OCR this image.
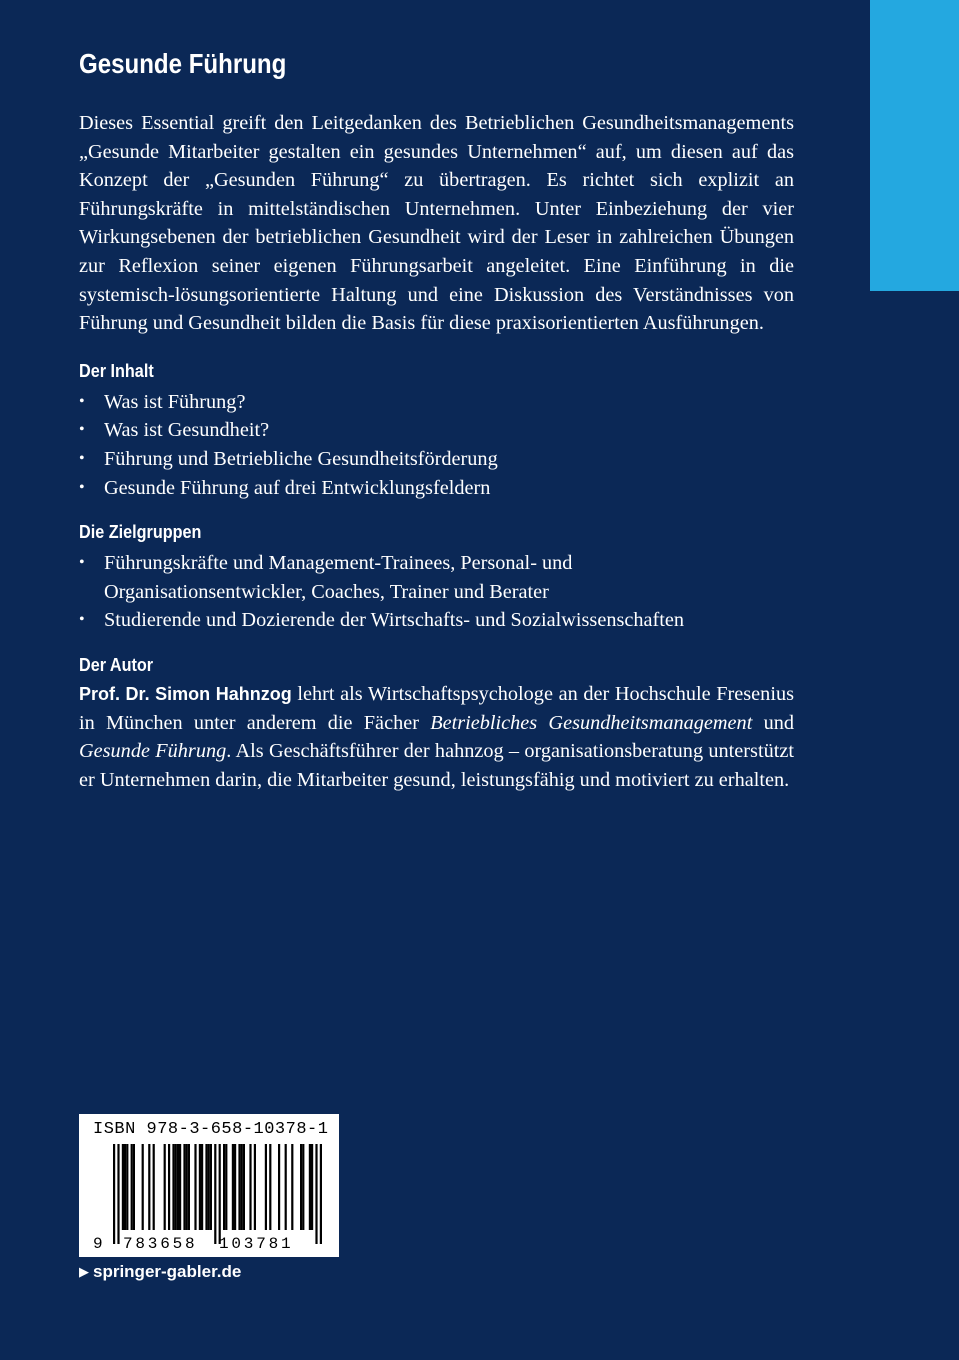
Gesunde Führung

Dieses Essential greift den Leitgedanken des Betrieblichen Gesundheitsmanagements „Gesunde Mitarbeiter gestalten ein gesundes Unternehmen“ auf, um diesen auf das Konzept der „Gesunden Führung“ zu übertragen. Es richtet sich explizit an Führungskräfte in mittelständischen Unternehmen. Unter Einbeziehung der vier Wirkungsebenen der betrieblichen Gesundheit wird der Leser in zahlreichen Übungen zur Reflexion seiner eigenen Führungsarbeit angeleitet. Eine Einführung in die systemisch-lösungsorientierte Haltung und eine Diskussion des Verständnisses von Führung und Gesundheit bilden die Basis für diese praxisorientierten Ausführungen.

Der Inhalt
• Was ist Führung?
• Was ist Gesundheit?
• Führung und Betriebliche Gesundheitsförderung
• Gesunde Führung auf drei Entwicklungsfeldern
Die Zielgruppen
• Führungskräfte und Management-Trainees, Personal- und Organisationsentwickler, Coaches, Trainer und Berater
• Studierende und Dozierende der Wirtschafts- und Sozialwissenschaften
Der Autor

Prof. Dr. Simon Hahnzog lehrt als Wirtschaftspsychologe an der Hochschule Fresenius in München unter anderem die Fächer Betriebliches Gesundheitsmanagement und Gesunde Führung. Als Geschäftsführer der hahnzog – organisationsberatung unterstützt er Unternehmen darin, die Mitarbeiter gesund, leistungsfähig und motiviert zu erhalten.

ISBN 978-3-658-10378-1
9 783658 103781
▶ springer-gabler.de
